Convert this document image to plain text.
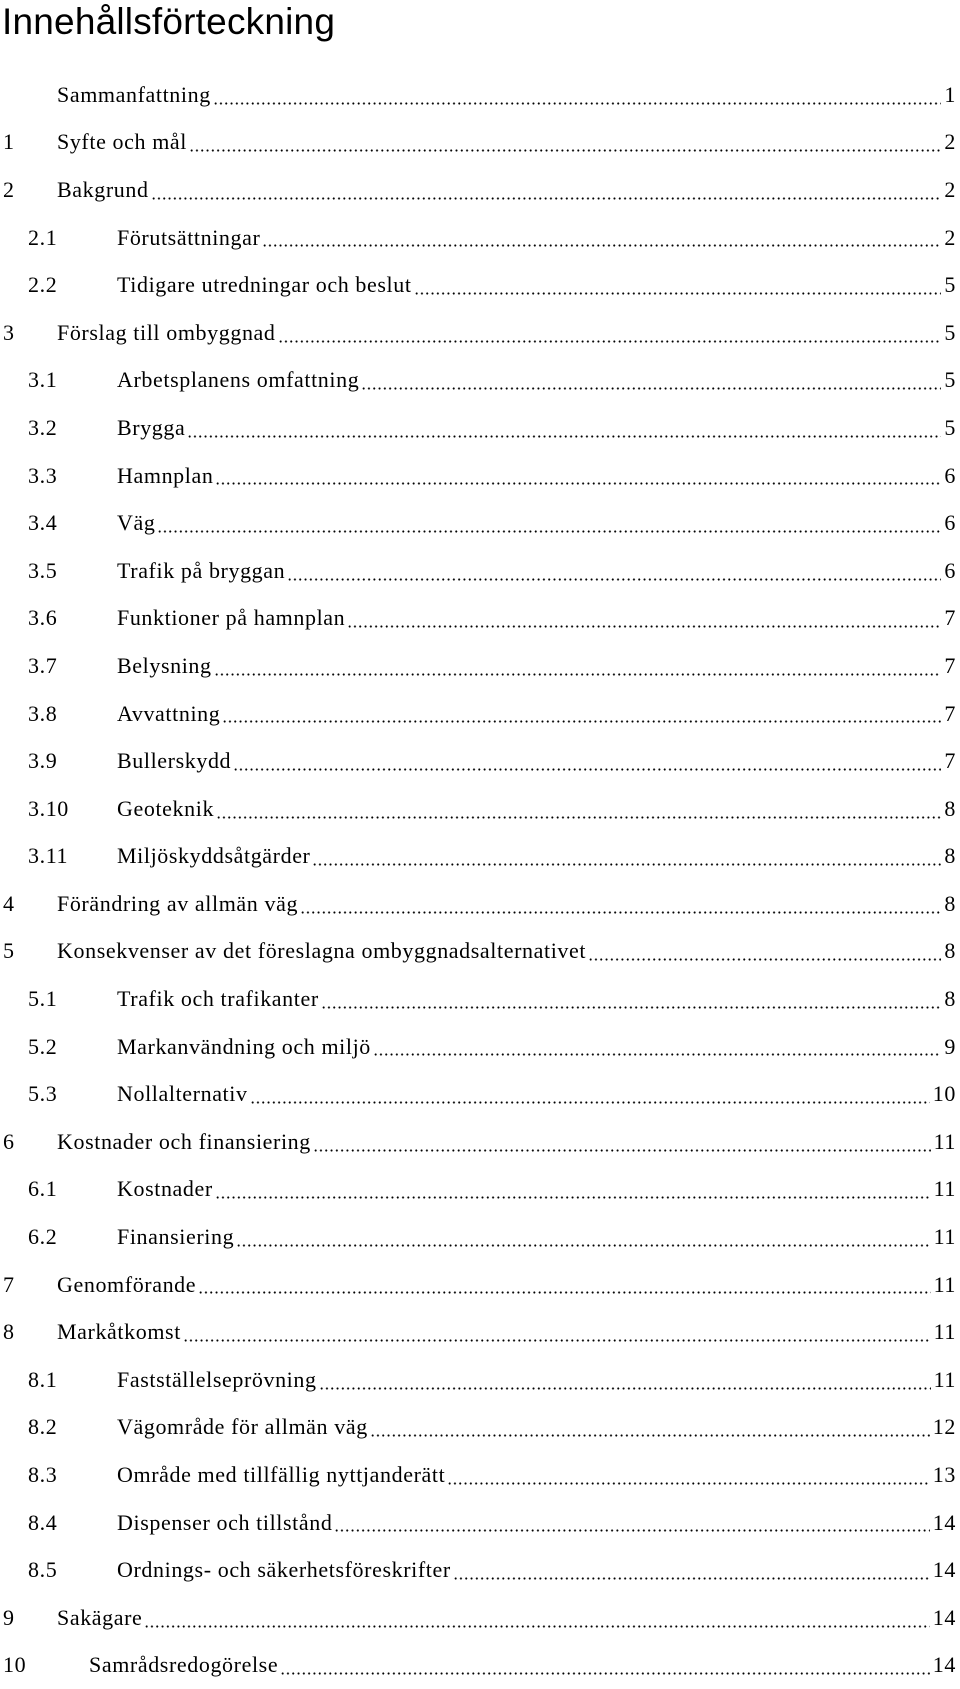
Innehållsförteckning
Sammanfattning	1
1	Syfte och mål	2
2	Bakgrund	2
2.1	Förutsättningar	2
2.2	Tidigare utredningar och beslut	5
3	Förslag till ombyggnad	5
3.1	Arbetsplanens omfattning	5
3.2	Brygga	5
3.3	Hamnplan	6
3.4	Väg	6
3.5	Trafik på bryggan	6
3.6	Funktioner på hamnplan	7
3.7	Belysning	7
3.8	Avvattning	7
3.9	Bullerskydd	7
3.10	Geoteknik	8
3.11	Miljöskyddsåtgärder	8
4	Förändring av allmän väg	8
5	Konsekvenser av det föreslagna ombyggnadsalternativet	8
5.1	Trafik och trafikanter	8
5.2	Markanvändning och miljö	9
5.3	Nollalternativ	10
6	Kostnader och finansiering	11
6.1	Kostnader	11
6.2	Finansiering	11
7	Genomförande	11
8	Markåtkomst	11
8.1	Fastställelseprövning	11
8.2	Vägområde för allmän väg	12
8.3	Område med tillfällig nyttjanderätt	13
8.4	Dispenser och tillstånd	14
8.5	Ordnings- och säkerhetsföreskrifter	14
9	Sakägare	14
10	Samrådsredogörelse	14
